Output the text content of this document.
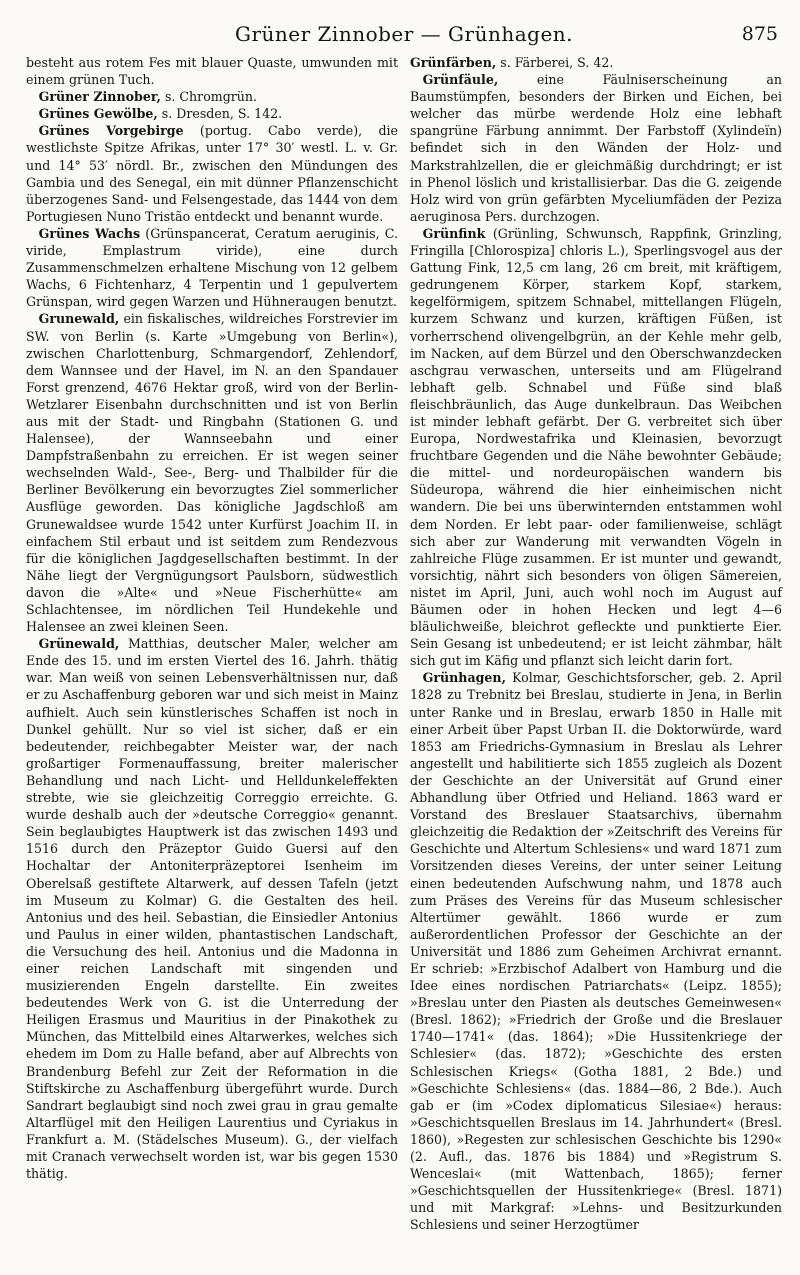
Grüner Zinnober — Grünhagen.	875

besteht aus rotem Fes mit blauer Quaste, umwunden mit einem grünen Tuch.

Grüner Zinnober, s. Chromgrün.

Grünes Gewölbe, s. Dresden, S. 142.

Grünes Vorgebirge (portug. Cabo verde), die westlichste Spitze Afrikas, unter 17° 30′ westl. L. v. Gr. und 14° 53′ nördl. Br., zwischen den Mündungen des Gambia und des Senegal, ein mit dünner Pflanzenschicht überzogenes Sand- und Felsengestade, das 1444 von dem Portugiesen Nuno Tristão entdeckt und benannt wurde.

Grünes Wachs (Grünspancerat, Ceratum aeruginis, C. viride, Emplastrum viride), eine durch Zusammenschmelzen erhaltene Mischung von 12 gelbem Wachs, 6 Fichtenharz, 4 Terpentin und 1 gepulvertem Grünspan, wird gegen Warzen und Hühneraugen benutzt.

Grunewald, ein fiskalisches, wildreiches Forstrevier im SW. von Berlin (s. Karte »Umgebung von Berlin«), zwischen Charlottenburg, Schmargendorf, Zehlendorf, dem Wannsee und der Havel, im N. an den Spandauer Forst grenzend, 4676 Hektar groß, wird von der Berlin-Wetzlarer Eisenbahn durchschnitten und ist von Berlin aus mit der Stadt- und Ringbahn (Stationen G. und Halensee), der Wannseebahn und einer Dampfstraßenbahn zu erreichen. Er ist wegen seiner wechselnden Wald-, See-, Berg- und Thalbilder für die Berliner Bevölkerung ein bevorzugtes Ziel sommerlicher Ausflüge geworden. Das königliche Jagdschloß am Grunewaldsee wurde 1542 unter Kurfürst Joachim II. in einfachem Stil erbaut und ist seitdem zum Rendezvous für die königlichen Jagdgesellschaften bestimmt. In der Nähe liegt der Vergnügungsort Paulsborn, südwestlich davon die »Alte« und »Neue Fischerhütte« am Schlachtensee, im nördlichen Teil Hundekehle und Halensee an zwei kleinen Seen.

Grünewald, Matthias, deutscher Maler, welcher am Ende des 15. und im ersten Viertel des 16. Jahrh. thätig war. Man weiß von seinen Lebensverhältnissen nur, daß er zu Aschaffenburg geboren war und sich meist in Mainz aufhielt. Auch sein künstlerisches Schaffen ist noch in Dunkel gehüllt. Nur so viel ist sicher, daß er ein bedeutender, reichbegabter Meister war, der nach großartiger Formenauffassung, breiter malerischer Behandlung und nach Licht- und Helldunkeleffekten strebte, wie sie gleichzeitig Correggio erreichte. G. wurde deshalb auch der »deutsche Correggio« genannt. Sein beglaubigtes Hauptwerk ist das zwischen 1493 und 1516 durch den Präzeptor Guido Guersi auf den Hochaltar der Antoniterpräzeptorei Isenheim im Oberelsaß gestiftete Altarwerk, auf dessen Tafeln (jetzt im Museum zu Kolmar) G. die Gestalten des heil. Antonius und des heil. Sebastian, die Einsiedler Antonius und Paulus in einer wilden, phantastischen Landschaft, die Versuchung des heil. Antonius und die Madonna in einer reichen Landschaft mit singenden und musizierenden Engeln darstellte. Ein zweites bedeutendes Werk von G. ist die Unterredung der Heiligen Erasmus und Mauritius in der Pinakothek zu München, das Mittelbild eines Altarwerkes, welches sich ehedem im Dom zu Halle befand, aber auf Albrechts von Brandenburg Befehl zur Zeit der Reformation in die Stiftskirche zu Aschaffenburg übergeführt wurde. Durch Sandrart beglaubigt sind noch zwei grau in grau gemalte Altarflügel mit den Heiligen Laurentius und Cyriakus in Frankfurt a. M. (Städelsches Museum). G., der vielfach mit Cranach verwechselt worden ist, war bis gegen 1530 thätig.

Grünfärben, s. Färberei, S. 42.

Grünfäule, eine Fäulniserscheinung an Baumstümpfen, besonders der Birken und Eichen, bei welcher das mürbe werdende Holz eine lebhaft spangrüne Färbung annimmt. Der Farbstoff (Xylindeïn) befindet sich in den Wänden der Holz- und Markstrahlzellen, die er gleichmäßig durchdringt; er ist in Phenol löslich und kristallisierbar. Das die G. zeigende Holz wird von grün gefärbten Myceliumfäden der Peziza aeruginosa Pers. durchzogen.

Grünfink (Grünling, Schwunsch, Rappfink, Grinzling, Fringilla [Chlorospiza] chloris L.), Sperlingsvogel aus der Gattung Fink, 12,5 cm lang, 26 cm breit, mit kräftigem, gedrungenem Körper, starkem Kopf, starkem, kegelförmigem, spitzem Schnabel, mittellangen Flügeln, kurzem Schwanz und kurzen, kräftigen Füßen, ist vorherrschend olivengelbgrün, an der Kehle mehr gelb, im Nacken, auf dem Bürzel und den Oberschwanzdecken aschgrau verwaschen, unterseits und am Flügelrand lebhaft gelb. Schnabel und Füße sind blaß fleischbräunlich, das Auge dunkelbraun. Das Weibchen ist minder lebhaft gefärbt. Der G. verbreitet sich über Europa, Nordwestafrika und Kleinasien, bevorzugt fruchtbare Gegenden und die Nähe bewohnter Gebäude; die mittel- und nordeuropäischen wandern bis Südeuropa, während die hier einheimischen nicht wandern. Die bei uns überwinternden entstammen wohl dem Norden. Er lebt paar- oder familienweise, schlägt sich aber zur Wanderung mit verwandten Vögeln in zahlreiche Flüge zusammen. Er ist munter und gewandt, vorsichtig, nährt sich besonders von öligen Sämereien, nistet im April, Juni, auch wohl noch im August auf Bäumen oder in hohen Hecken und legt 4—6 bläulichweiße, bleichrot gefleckte und punktierte Eier. Sein Gesang ist unbedeutend; er ist leicht zähmbar, hält sich gut im Käfig und pflanzt sich leicht darin fort.

Grünhagen, Kolmar, Geschichtsforscher, geb. 2. April 1828 zu Trebnitz bei Breslau, studierte in Jena, in Berlin unter Ranke und in Breslau, erwarb 1850 in Halle mit einer Arbeit über Papst Urban II. die Doktorwürde, ward 1853 am Friedrichs-Gymnasium in Breslau als Lehrer angestellt und habilitierte sich 1855 zugleich als Dozent der Geschichte an der Universität auf Grund einer Abhandlung über Otfried und Heliand. 1863 ward er Vorstand des Breslauer Staatsarchivs, übernahm gleichzeitig die Redaktion der »Zeitschrift des Vereins für Geschichte und Altertum Schlesiens« und ward 1871 zum Vorsitzenden dieses Vereins, der unter seiner Leitung einen bedeutenden Aufschwung nahm, und 1878 auch zum Präses des Vereins für das Museum schlesischer Altertümer gewählt. 1866 wurde er zum außerordentlichen Professor der Geschichte an der Universität und 1886 zum Geheimen Archivrat ernannt. Er schrieb: »Erzbischof Adalbert von Hamburg und die Idee eines nordischen Patriarchats« (Leipz. 1855); »Breslau unter den Piasten als deutsches Gemeinwesen« (Bresl. 1862); »Friedrich der Große und die Breslauer 1740—1741« (das. 1864); »Die Hussitenkriege der Schlesier« (das. 1872); »Geschichte des ersten Schlesischen Kriegs« (Gotha 1881, 2 Bde.) und »Geschichte Schlesiens« (das. 1884—86, 2 Bde.). Auch gab er (im »Codex diplomaticus Silesiae«) heraus: »Geschichtsquellen Breslaus im 14. Jahrhundert« (Bresl. 1860), »Regesten zur schlesischen Geschichte bis 1290« (2. Aufl., das. 1876 bis 1884) und »Registrum S. Wenceslai« (mit Wattenbach, 1865); ferner »Geschichtsquellen der Hussitenkriege« (Bresl. 1871) und mit Markgraf: »Lehns- und Besitzurkunden Schlesiens und seiner Herzogtümer
